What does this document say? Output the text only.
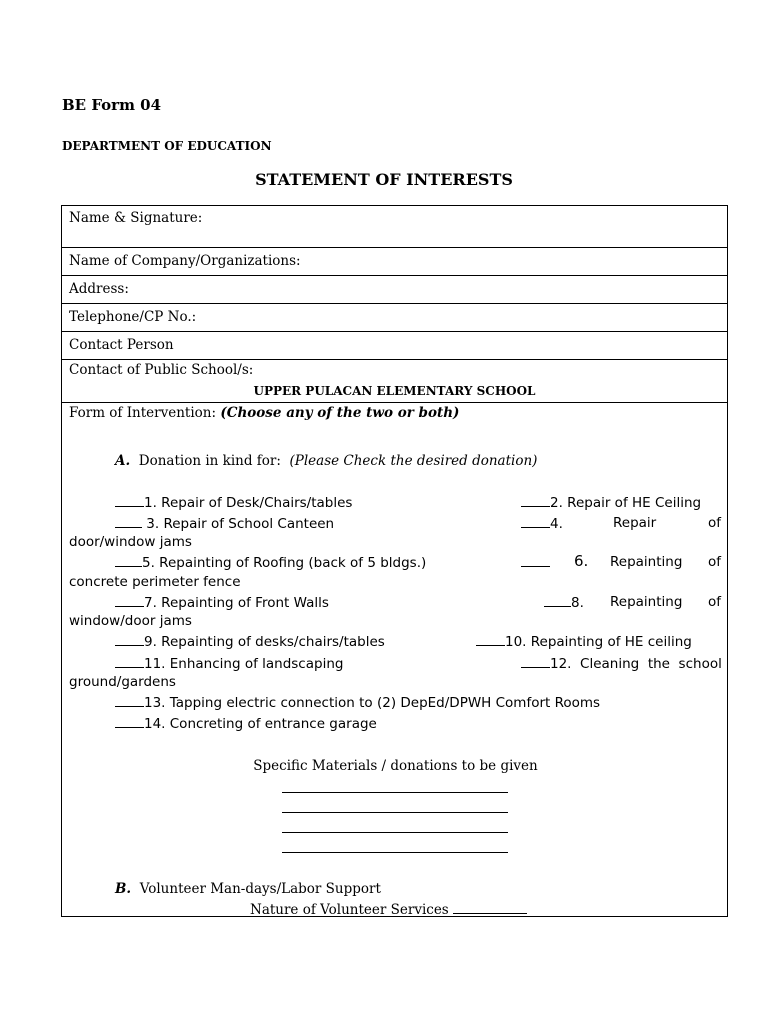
BE Form 04
DEPARTMENT OF EDUCATION
STATEMENT OF INTERESTS
Name & Signature:
Name of Company/Organizations:
Address:
Telephone/CP No.:
Contact Person
Contact of Public School/s:
UPPER PULACAN ELEMENTARY SCHOOL
Form of Intervention: (Choose any of the two or both)
A. Donation in kind for: (Please Check the desired donation)
1. Repair of Desk/Chairs/tables	2. Repair of HE Ceiling
3. Repair of School Canteen	4.	Repair	of
door/window jams
5. Repainting of Roofing (back of 5 bldgs.)	6. Repainting of
concrete perimeter fence
7. Repainting of Front Walls	8. Repainting of
window/door jams
9. Repainting of desks/chairs/tables	10. Repainting of HE ceiling
11. Enhancing of landscaping	12.  Cleaning  the  school
ground/gardens
13. Tapping electric connection to (2) DepEd/DPWH Comfort Rooms
14. Concreting of entrance garage
Specific Materials / donations to be given
B. Volunteer Man-days/Labor Support
Nature of Volunteer Services
